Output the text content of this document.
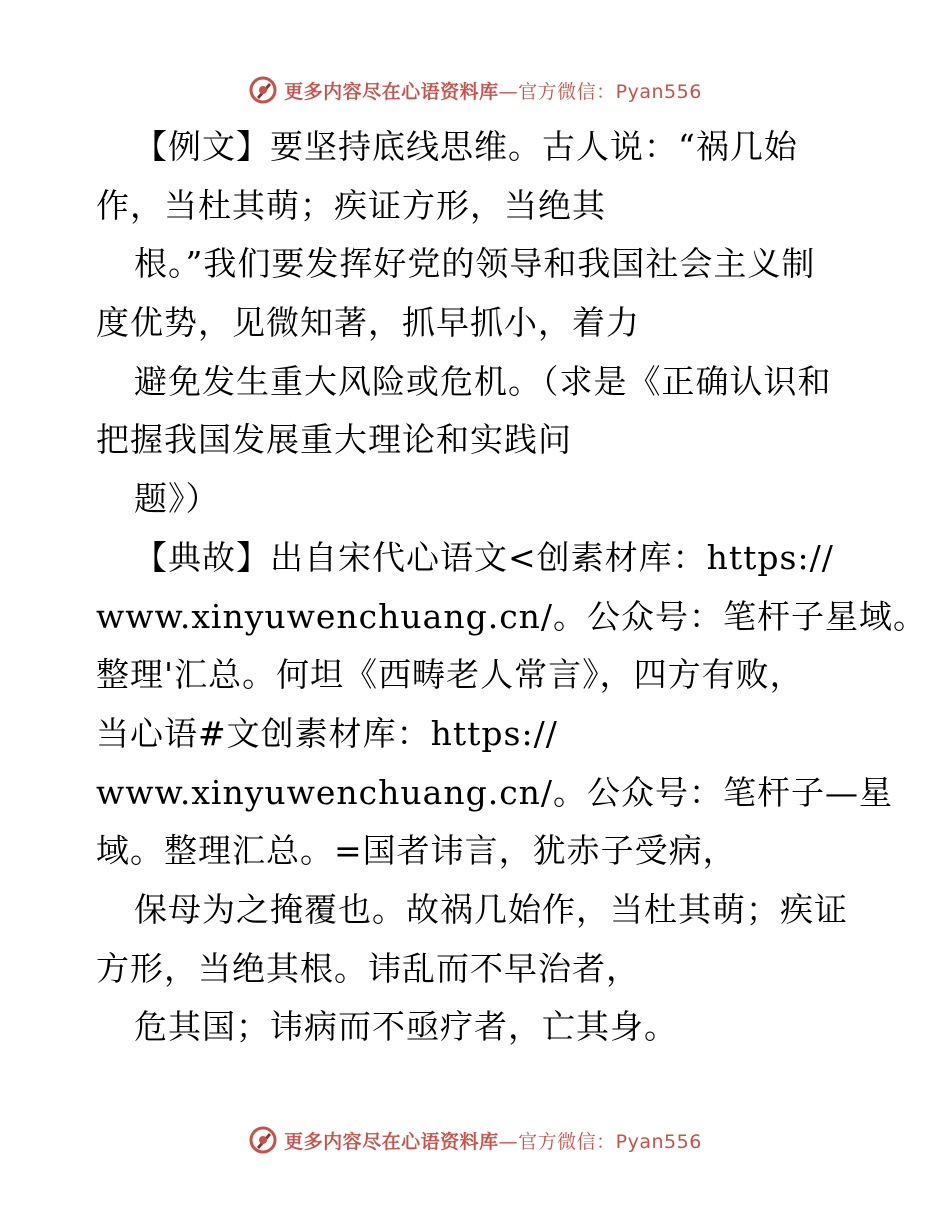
更多内容尽在心语资料库—官方微信：Pyan556
【例文】要坚持底线思维。古人说：“祸几始
作，当杜其萌；疾证方形，当绝其
根。”我们要发挥好党的领导和我国社会主义制
度优势，见微知著，抓早抓小，着力
避免发生重大风险或危机。（求是《正确认识和
把握我国发展重大理论和实践问
题》）
【典故】出自宋代心语文<创素材库：https://
www.xinyuwenchuang.cn/。公众号：笔杆子星域。
整理'汇总。何坦《西畴老人常言》，四方有败，
当心语#文创素材库：https://
www.xinyuwenchuang.cn/。公众号：笔杆子—星
域。整理汇总。=国者讳言，犹赤子受病，
保母为之掩覆也。故祸几始作，当杜其萌；疾证
方形，当绝其根。讳乱而不早治者，
危其国；讳病而不亟疗者，亡其身。
更多内容尽在心语资料库—官方微信：Pyan556
